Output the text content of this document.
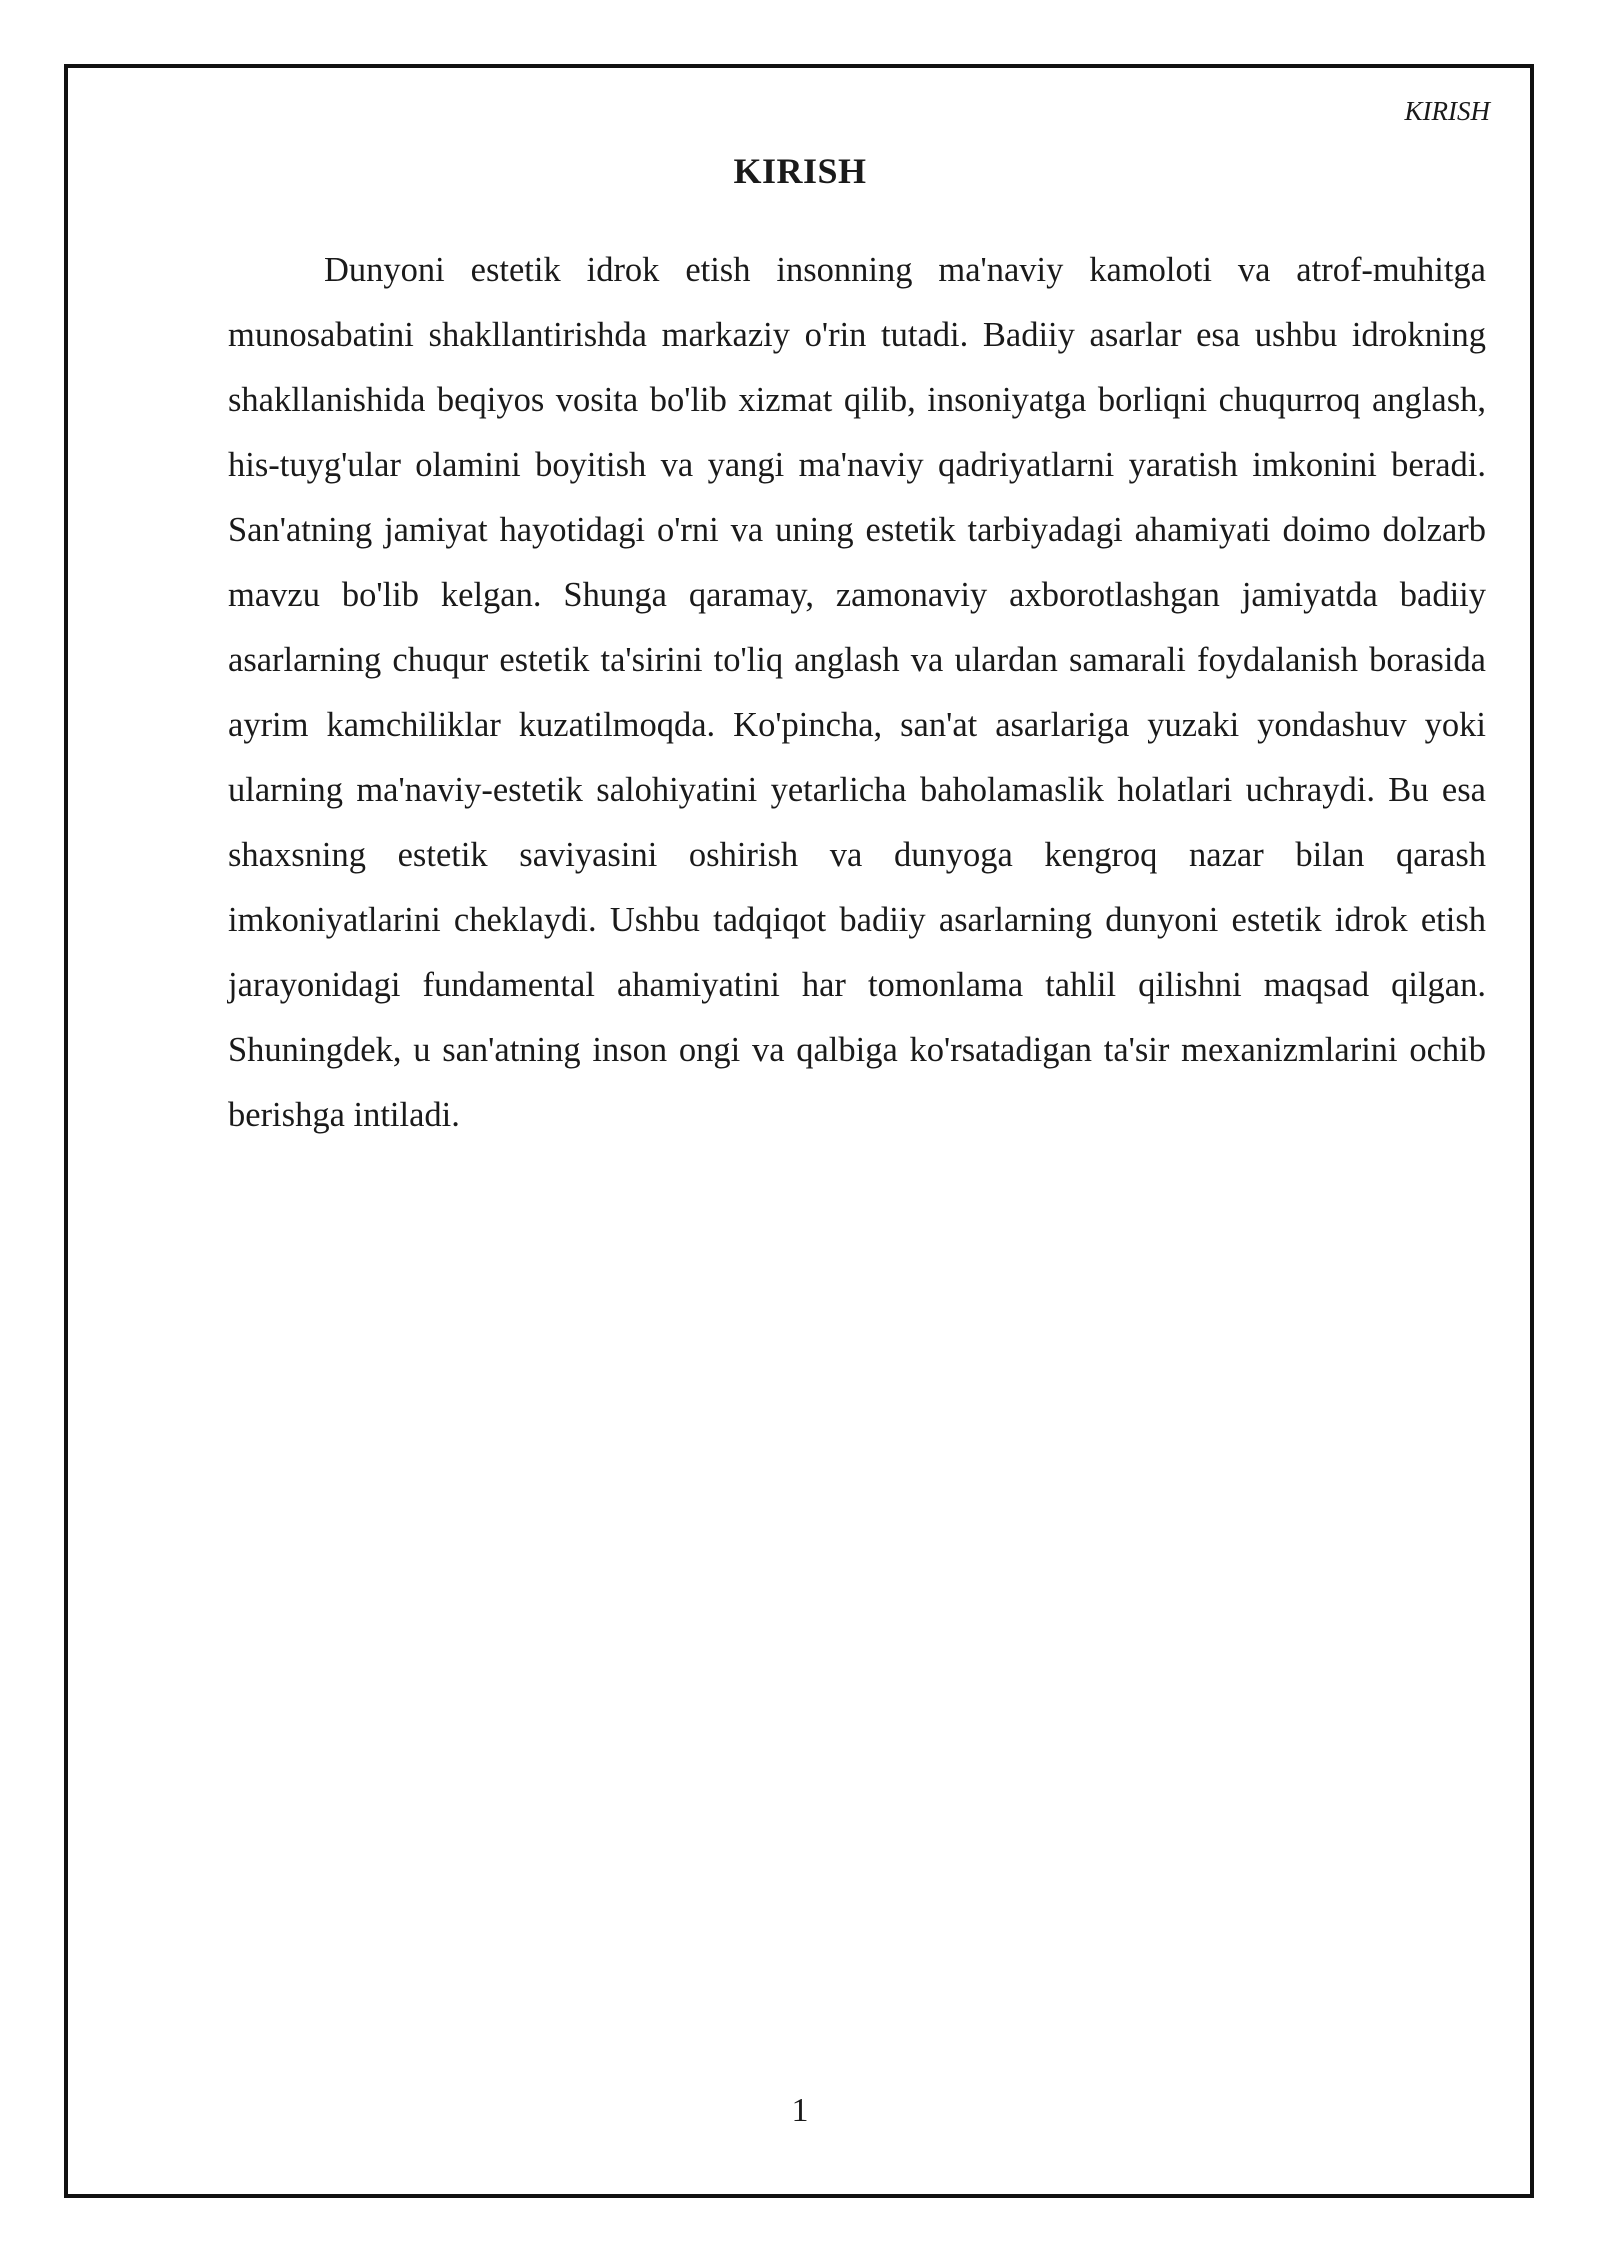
KIRISH

KIRISH

Dunyoni estetik idrok etish insonning ma'naviy kamoloti va atrof-muhitga munosabatini shakllantirishda markaziy o'rin tutadi. Badiiy asarlar esa ushbu idrokning shakllanishida beqiyos vosita bo'lib xizmat qilib, insoniyatga borliqni chuqurroq anglash, his-tuyg'ular olamini boyitish va yangi ma'naviy qadriyatlarni yaratish imkonini beradi. San'atning jamiyat hayotidagi o'rni va uning estetik tarbiyadagi ahamiyati doimo dolzarb mavzu bo'lib kelgan. Shunga qaramay, zamonaviy axborotlashgan jamiyatda badiiy asarlarning chuqur estetik ta'sirini to'liq anglash va ulardan samarali foydalanish borasida ayrim kamchiliklar kuzatilmoqda. Ko'pincha, san'at asarlariga yuzaki yondashuv yoki ularning ma'naviy-estetik salohiyatini yetarlicha baholamaslik holatlari uchraydi. Bu esa shaxsning estetik saviyasini oshirish va dunyoga kengroq nazar bilan qarash imkoniyatlarini cheklaydi. Ushbu tadqiqot badiiy asarlarning dunyoni estetik idrok etish jarayonidagi fundamental ahamiyatini har tomonlama tahlil qilishni maqsad qilgan. Shuningdek, u san'atning inson ongi va qalbiga ko'rsatadigan ta'sir mexanizmlarini ochib berishga intiladi.

1
